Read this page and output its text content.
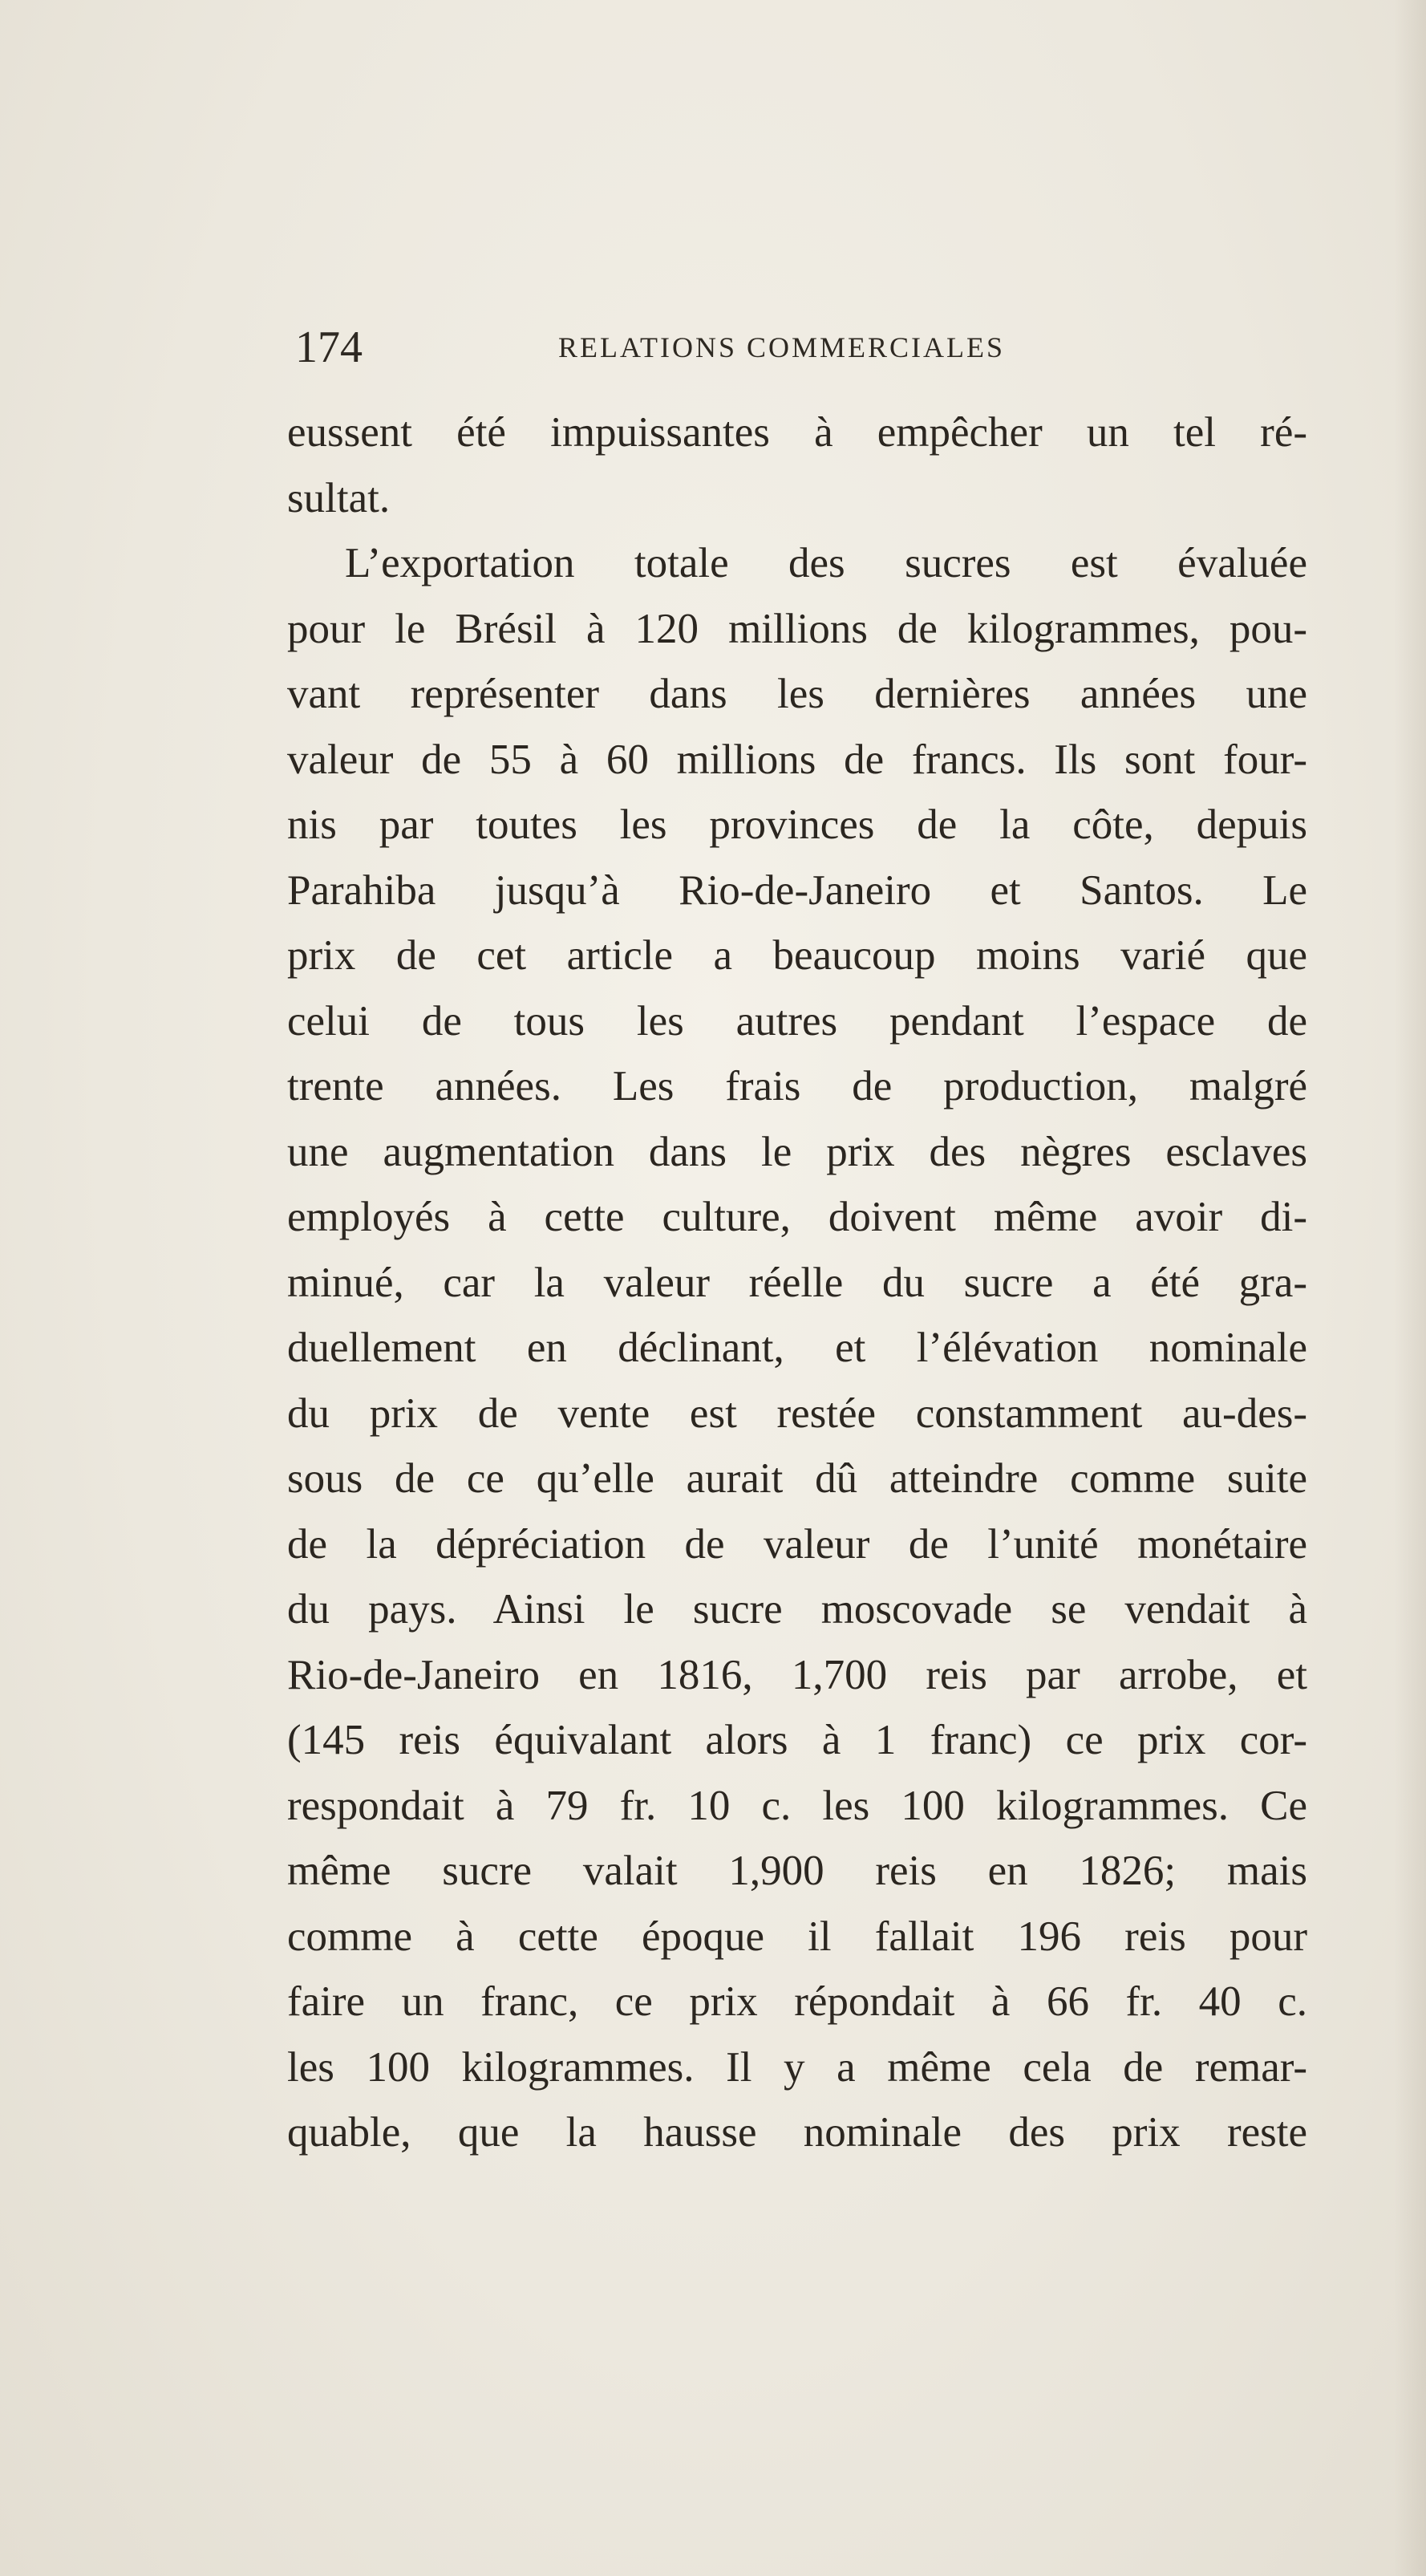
174	RELATIONS COMMERCIALES
eussent été impuissantes à empêcher un tel ré-
sultat.
L’exportation totale des sucres est évaluée
pour le Brésil à 120 millions de kilogrammes, pou-
vant représenter dans les dernières années une
valeur de 55 à 60 millions de francs. Ils sont four-
nis par toutes les provinces de la côte, depuis
Parahiba jusqu’à Rio-de-Janeiro et Santos. Le
prix de cet article a beaucoup moins varié que
celui de tous les autres pendant l’espace de
trente années. Les frais de production, malgré
une augmentation dans le prix des nègres esclaves
employés à cette culture, doivent même avoir di-
minué, car la valeur réelle du sucre a été gra-
duellement en déclinant, et l’élévation nominale
du prix de vente est restée constamment au-des-
sous de ce qu’elle aurait dû atteindre comme suite
de la dépréciation de valeur de l’unité monétaire
du pays. Ainsi le sucre moscovade se vendait à
Rio-de-Janeiro en 1816, 1,700 reis par arrobe, et
(145 reis équivalant alors à 1 franc) ce prix cor-
respondait à 79 fr. 10 c. les 100 kilogrammes. Ce
même sucre valait 1,900 reis en 1826; mais
comme à cette époque il fallait 196 reis pour
faire un franc, ce prix répondait à 66 fr. 40 c.
les 100 kilogrammes. Il y a même cela de remar-
quable, que la hausse nominale des prix reste
